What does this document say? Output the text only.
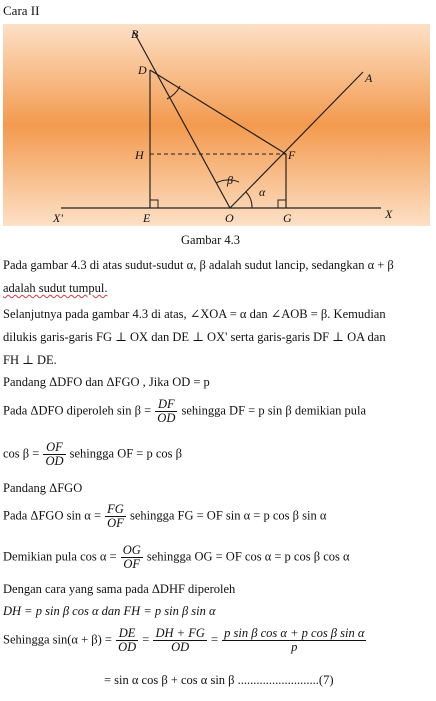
Cara II
B
A
D
H	F
β
α
X'	E	O	G	X
Gambar 4.3
Pada gambar 4.3 di atas sudut-sudut α, β adalah sudut lancip, sedangkan α + β
adalah sudut tumpul.
Selanjutnya pada gambar 4.3 di atas, ∠XOA = α dan ∠AOB = β. Kemudian
dilukis garis-garis FG ⊥ OX dan DE ⊥ OX' serta garis-garis DF ⊥ OA dan
FH ⊥ DE.
Pandang ΔDFO dan ΔFGO , Jika OD = p
Pada ΔDFO diperoleh $\sin \beta = \frac{DF}{OD}$ sehingga DF = p sin β demikian pula
$\cos \beta = \frac{OF}{OD}$ sehingga OF = p cos β
Pandang ΔFGO
Pada ΔFGO $\sin \alpha = \frac{FG}{OF}$ sehingga FG = OF sin α = p cos β sin α
Demikian pula $\cos \alpha = \frac{OG}{OF}$ sehingga OG = OF cos α = p cos β cos α
Dengan cara yang sama pada ΔDHF diperoleh
DH = p sin β cos α dan FH = p sin β sin α
Sehingga $\sin(\alpha + \beta) = \frac{DE}{OD} = \frac{DH + FG}{OD} = \frac{\text{p sin β cos α + p cos β sin α}}{p}$
= sin α cos β + cos α sin β ..........................(7)
